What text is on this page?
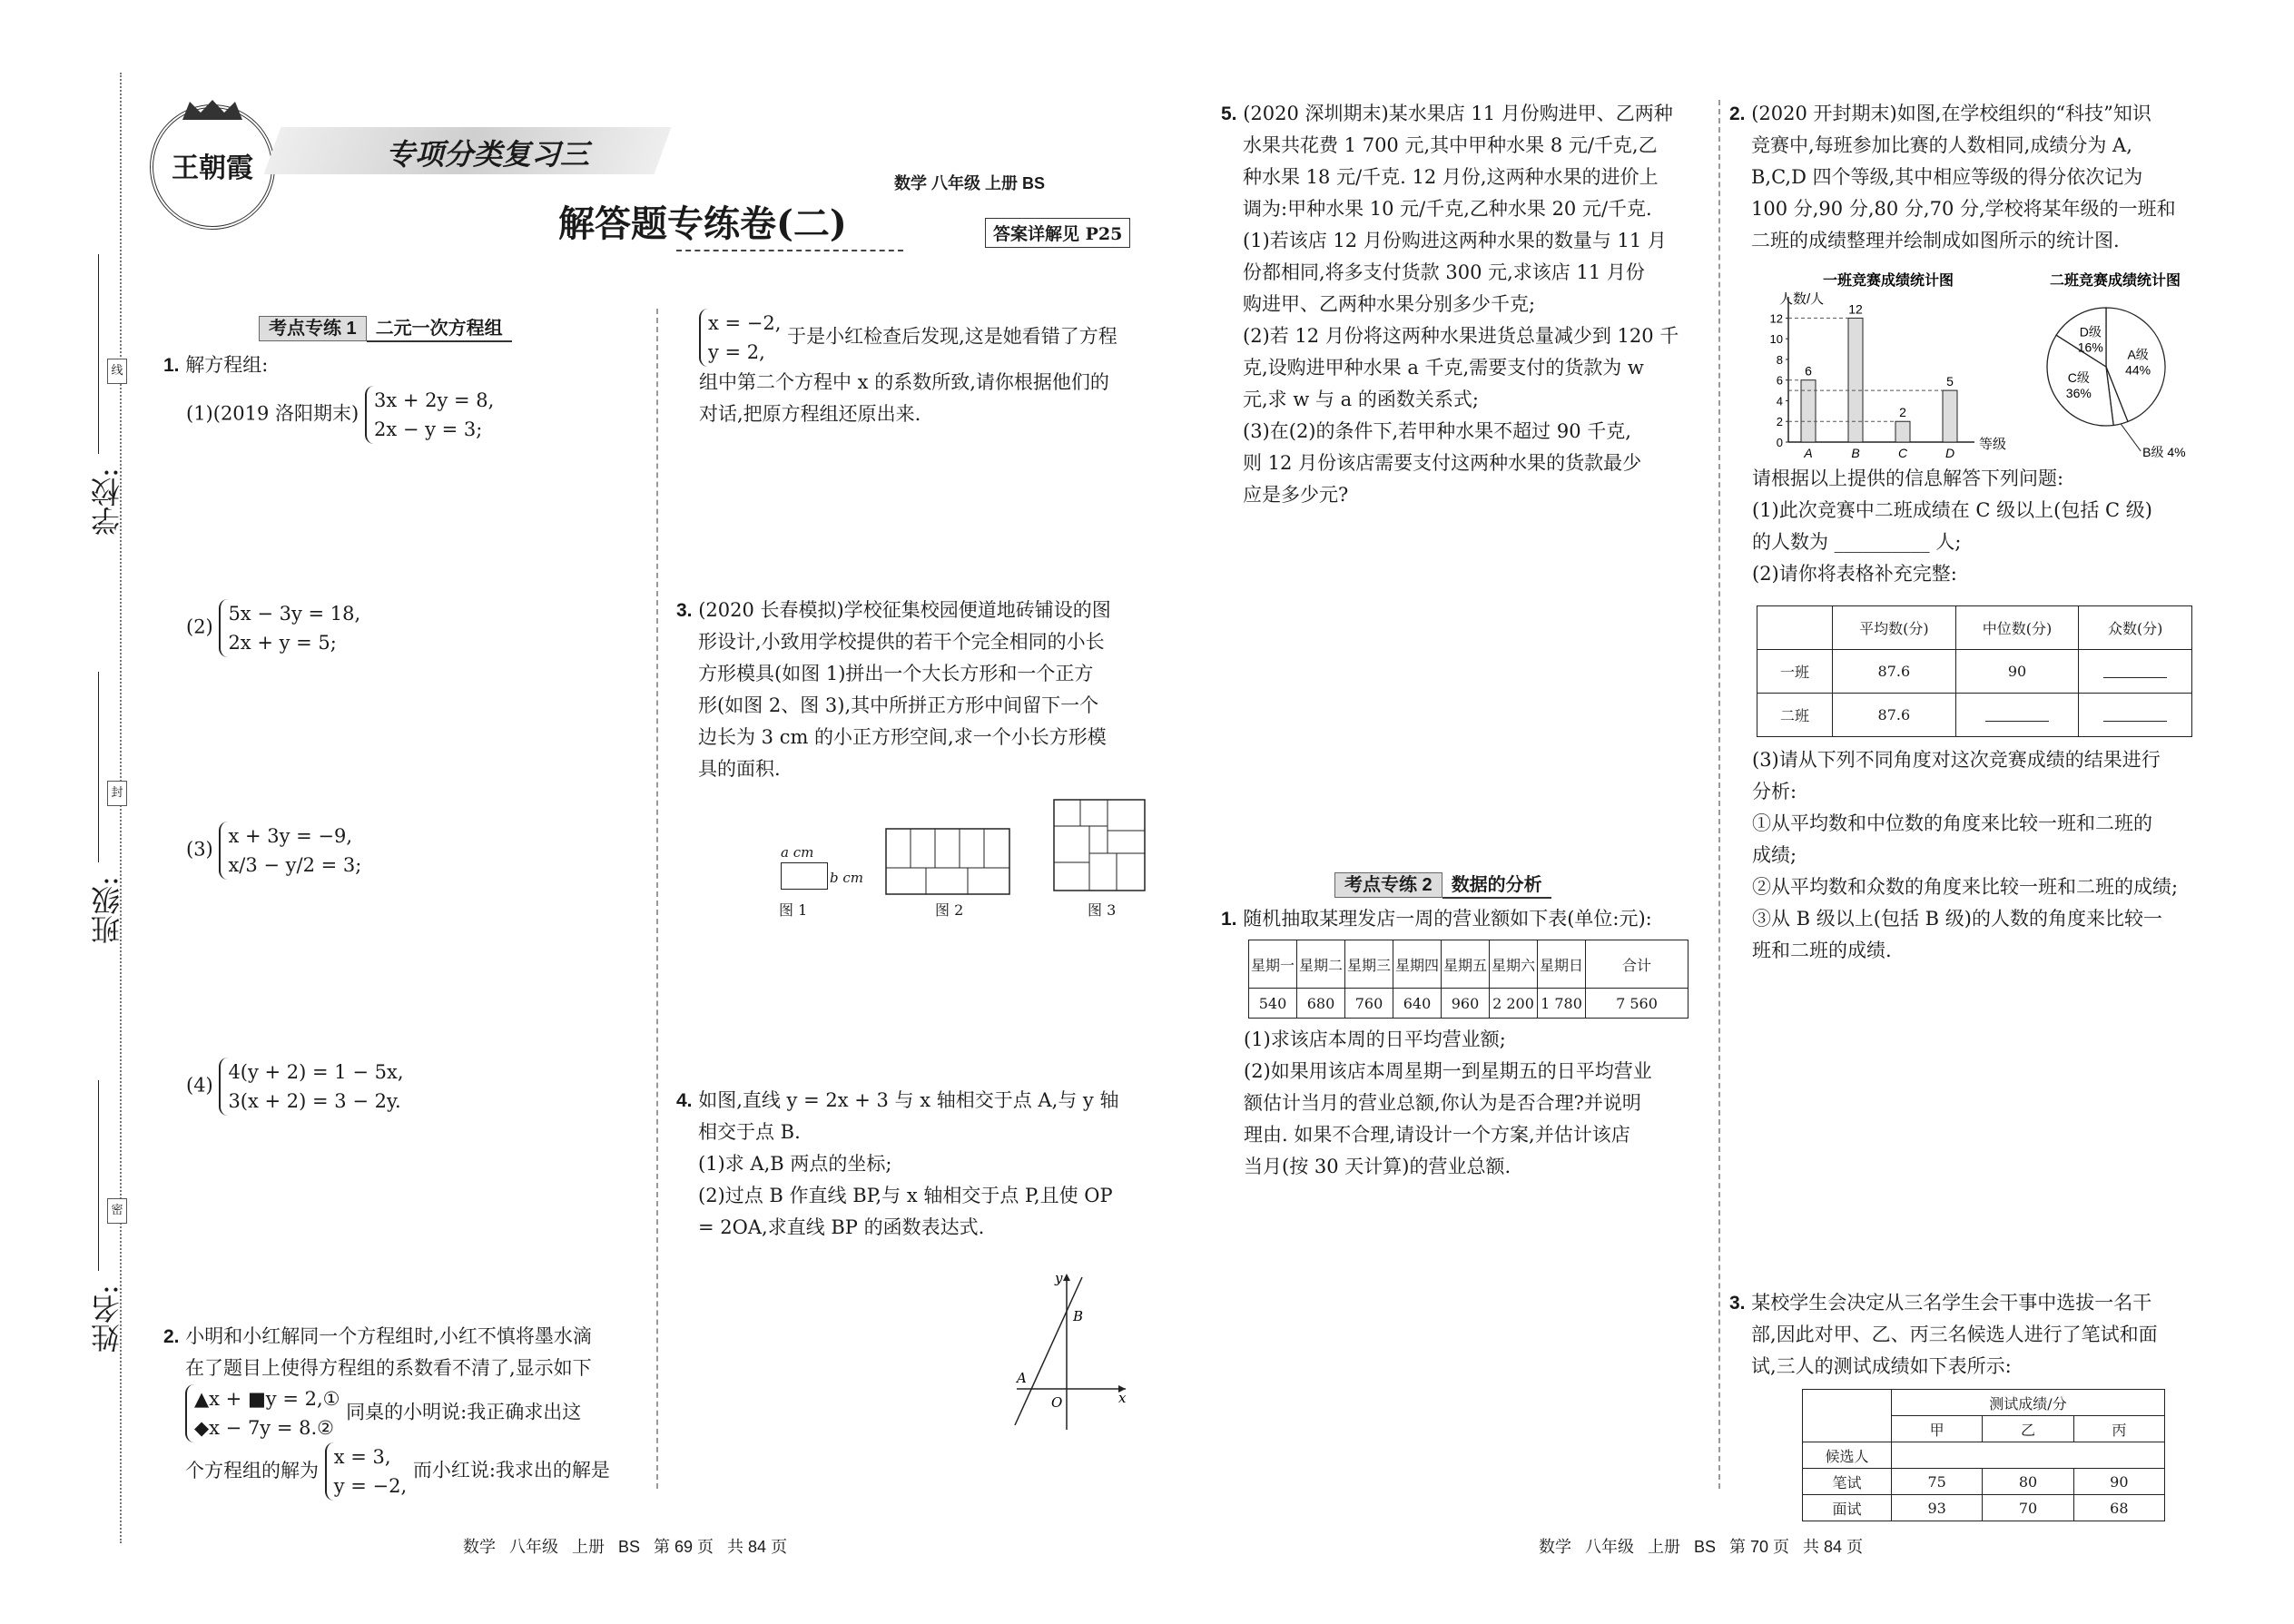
学校:
班级:
姓名:
线
封
密
王朝霞	专项分类复习三
解答题专练卷(二)
数学 八年级 上册 BS
答案详解见 P25
考点专练 1 二元一次方程组
1. 解方程组:
(1)(2019 洛阳期末) 3x + 2y = 8,
2x − y = 3;
(2) 5x − 3y = 18,
2x + y = 5;
(3) x + 3y = −9,
x/3 − y/2 = 3;
(4) 4(y + 2) = 1 − 5x,
3(x + 2) = 3 − 2y.
2. 小明和小红解同一个方程组时,小红不慎将墨水滴
在了题目上使得方程组的系数看不清了,显示如下
▲x + ■y = 2,①
◆x − 7y = 8.② 同桌的小明说:我正确求出这
个方程组的解为 x = 3,
y = −2, 而小红说:我求出的解是
x = −2,
y = 2, 于是小红检查后发现,这是她看错了方程
组中第二个方程中 x 的系数所致,请你根据他们的
对话,把原方程组还原出来.
3. (2020 长春模拟)学校征集校园便道地砖铺设的图
形设计,小致用学校提供的若干个完全相同的小长
方形模具(如图 1)拼出一个大长方形和一个正方
形(如图 2、图 3),其中所拼正方形中间留下一个
边长为 3 cm 的小正方形空间,求一个小长方形模
具的面积.
a cm
b cm
图 1	图 2	图 3
4. 如图,直线 y = 2x + 3 与 x 轴相交于点 A,与 y 轴
相交于点 B.
(1)求 A,B 两点的坐标;
(2)过点 B 作直线 BP,与 x 轴相交于点 P,且使 OP
= 2OA,求直线 BP 的函数表达式.
y
x
B
A
O
5. (2020 深圳期末)某水果店 11 月份购进甲、乙两种
水果共花费 1 700 元,其中甲种水果 8 元/千克,乙
种水果 18 元/千克. 12 月份,这两种水果的进价上
调为:甲种水果 10 元/千克,乙种水果 20 元/千克.
(1)若该店 12 月份购进这两种水果的数量与 11 月
份都相同,将多支付货款 300 元,求该店 11 月份
购进甲、乙两种水果分别多少千克;
(2)若 12 月份将这两种水果进货总量减少到 120 千
克,设购进甲种水果 a 千克,需要支付的货款为 w
元,求 w 与 a 的函数关系式;
(3)在(2)的条件下,若甲种水果不超过 90 千克,
则 12 月份该店需要支付这两种水果的货款最少
应是多少元?
考点专练 2 数据的分析
1. 随机抽取某理发店一周的营业额如下表(单位:元):
星期一	星期二	星期三	星期四	星期五	星期六	星期日	合计
540	680	760	640	960	2 200	1 780	7 560
(1)求该店本周的日平均营业额;
(2)如果用该店本周星期一到星期五的日平均营业
额估计当月的营业总额,你认为是否合理?并说明
理由. 如果不合理,请设计一个方案,并估计该店
当月(按 30 天计算)的营业总额.
2. (2020 开封期末)如图,在学校组织的“科技”知识
竞赛中,每班参加比赛的人数相同,成绩分为 A,
B,C,D 四个等级,其中相应等级的得分依次记为
100 分,90 分,80 分,70 分,学校将某年级的一班和
二班的成绩整理并绘制成如图所示的统计图.
一班竞赛成绩统计图
人数/人
等级
0
2
4
6
8
10
12
6
A
12
B
2
C
5
D
二班竞赛成绩统计图
A级
44%
B级 4%
C级
36%
D级
16%
请根据以上提供的信息解答下列问题:
(1)此次竞赛中二班成绩在 C 级以上(包括 C 级)
的人数为 __________ 人;
(2)请你将表格补充完整:
	平均数(分)	中位数(分)	众数(分)
一班	87.6	90	
二班	87.6		
(3)请从下列不同角度对这次竞赛成绩的结果进行
分析:
①从平均数和中位数的角度来比较一班和二班的
成绩;
②从平均数和众数的角度来比较一班和二班的成绩;
③从 B 级以上(包括 B 级)的人数的角度来比较一
班和二班的成绩.
3. 某校学生会决定从三名学生会干事中选拔一名干
部,因此对甲、乙、丙三名候选人进行了笔试和面
试,三人的测试成绩如下表所示:
	测试成绩/分		
	甲	乙	丙
候选人			
笔试	75	80	90
面试	93	70	68
数学   八年级   上册   BS   第 69 页   共 84 页	数学   八年级   上册   BS   第 70 页   共 84 页
